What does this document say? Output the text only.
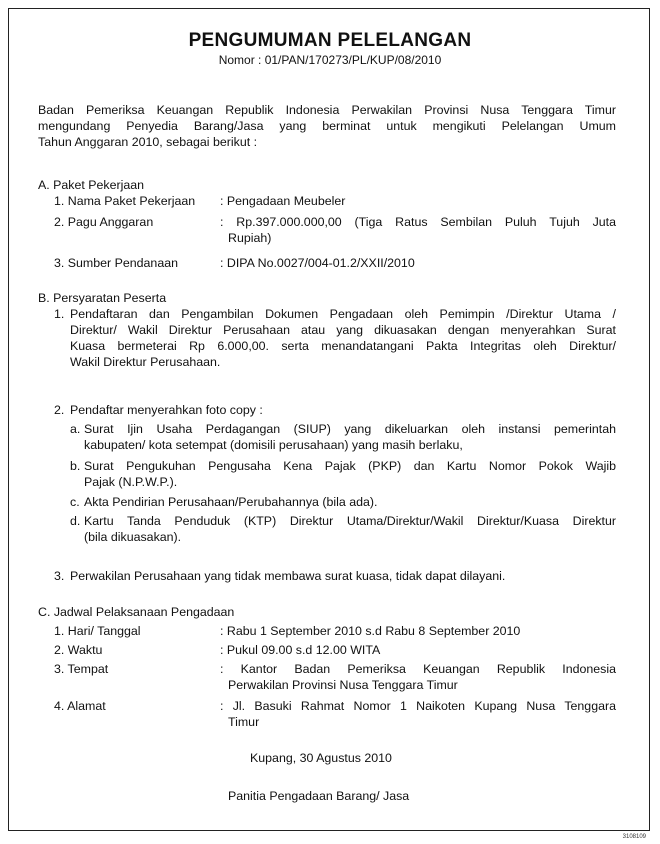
PENGUMUMAN PELELANGAN
Nomor : 01/PAN/170273/PL/KUP/08/2010
Badan Pemeriksa Keuangan Republik Indonesia Perwakilan Provinsi Nusa Tenggara Timur
mengundang Penyedia Barang/Jasa yang berminat untuk mengikuti Pelelangan Umum
Tahun Anggaran 2010, sebagai berikut :
A. Paket Pekerjaan
1. Nama Paket Pekerjaan : Pengadaan Meubeler
2. Pagu Anggaran	: Rp.397.000.000,00 (Tiga Ratus Sembilan Puluh Tujuh Juta
Rupiah)
3. Sumber Pendanaan	: DIPA No.0027/004-01.2/XXII/2010
B. Persyaratan Peserta
1. Pendaftaran dan Pengambilan Dokumen Pengadaan oleh Pemimpin /Direktur Utama /
Direktur/ Wakil Direktur Perusahaan atau yang dikuasakan dengan menyerahkan Surat
Kuasa bermeterai Rp 6.000,00. serta menandatangani Pakta Integritas oleh Direktur/
Wakil Direktur Perusahaan.
2. Pendaftar menyerahkan foto copy :
a. Surat Ijin Usaha Perdagangan (SIUP) yang dikeluarkan oleh instansi pemerintah
kabupaten/ kota setempat (domisili perusahaan) yang masih berlaku,
b. Surat Pengukuhan Pengusaha Kena Pajak (PKP) dan Kartu Nomor Pokok Wajib
Pajak (N.P.W.P.).
c. Akta Pendirian Perusahaan/Perubahannya (bila ada).
d. Kartu Tanda Penduduk (KTP) Direktur Utama/Direktur/Wakil Direktur/Kuasa Direktur
(bila dikuasakan).
3. Perwakilan Perusahaan yang tidak membawa surat kuasa, tidak dapat dilayani.
C. Jadwal Pelaksanaan Pengadaan
1. Hari/ Tanggal	: Rabu 1 September 2010 s.d Rabu 8 September 2010
2. Waktu	: Pukul 09.00 s.d 12.00 WITA
3. Tempat	: Kantor Badan Pemeriksa Keuangan Republik Indonesia
Perwakilan Provinsi Nusa Tenggara Timur
4. Alamat	: Jl. Basuki Rahmat Nomor 1 Naikoten Kupang Nusa Tenggara
Timur
Kupang, 30 Agustus 2010
Panitia Pengadaan Barang/ Jasa
3108109
